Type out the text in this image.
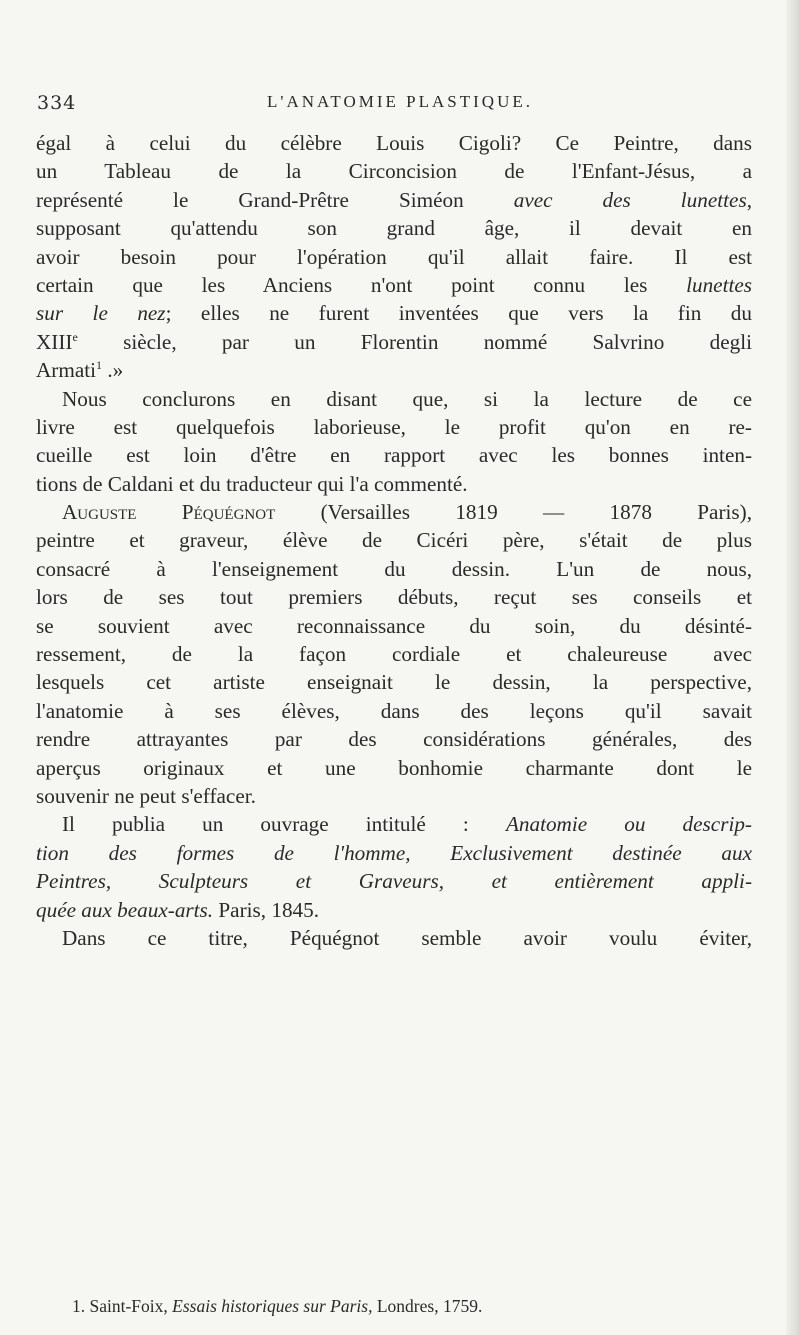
334	L'ANATOMIE PLASTIQUE.
égal à celui du célèbre Louis Cigoli? Ce Peintre, dans
un Tableau de la Circoncision de l'Enfant-Jésus, a
représenté le Grand-Prêtre Siméon avec des lunettes,
supposant qu'attendu son grand âge, il devait en
avoir besoin pour l'opération qu'il allait faire. Il est
certain que les Anciens n'ont point connu les lunettes
sur le nez; elles ne furent inventées que vers la fin du
XIIIe siècle, par un Florentin nommé Salvrino degli
Armati$^1$ .»
Nous conclurons en disant que, si la lecture de ce
livre est quelquefois laborieuse, le profit qu'on en re-
cueille est loin d'être en rapport avec les bonnes inten-
tions de Caldani et du traducteur qui l'a commenté.
Auguste Péquégnot (Versailles 1819 — 1878 Paris),
peintre et graveur, élève de Cicéri père, s'était de plus
consacré à l'enseignement du dessin. L'un de nous,
lors de ses tout premiers débuts, reçut ses conseils et
se souvient avec reconnaissance du soin, du désinté-
ressement, de la façon cordiale et chaleureuse avec
lesquels cet artiste enseignait le dessin, la perspective,
l'anatomie à ses élèves, dans des leçons qu'il savait
rendre attrayantes par des considérations générales, des
aperçus originaux et une bonhomie charmante dont le
souvenir ne peut s'effacer.
Il publia un ouvrage intitulé : Anatomie ou descrip-
tion des formes de l'homme, Exclusivement destinée aux
Peintres, Sculpteurs et Graveurs, et entièrement appli-
quée aux beaux-arts. Paris, 1845.
Dans ce titre, Péquégnot semble avoir voulu éviter,
1. Saint-Foix, Essais historiques sur Paris, Londres, 1759.
